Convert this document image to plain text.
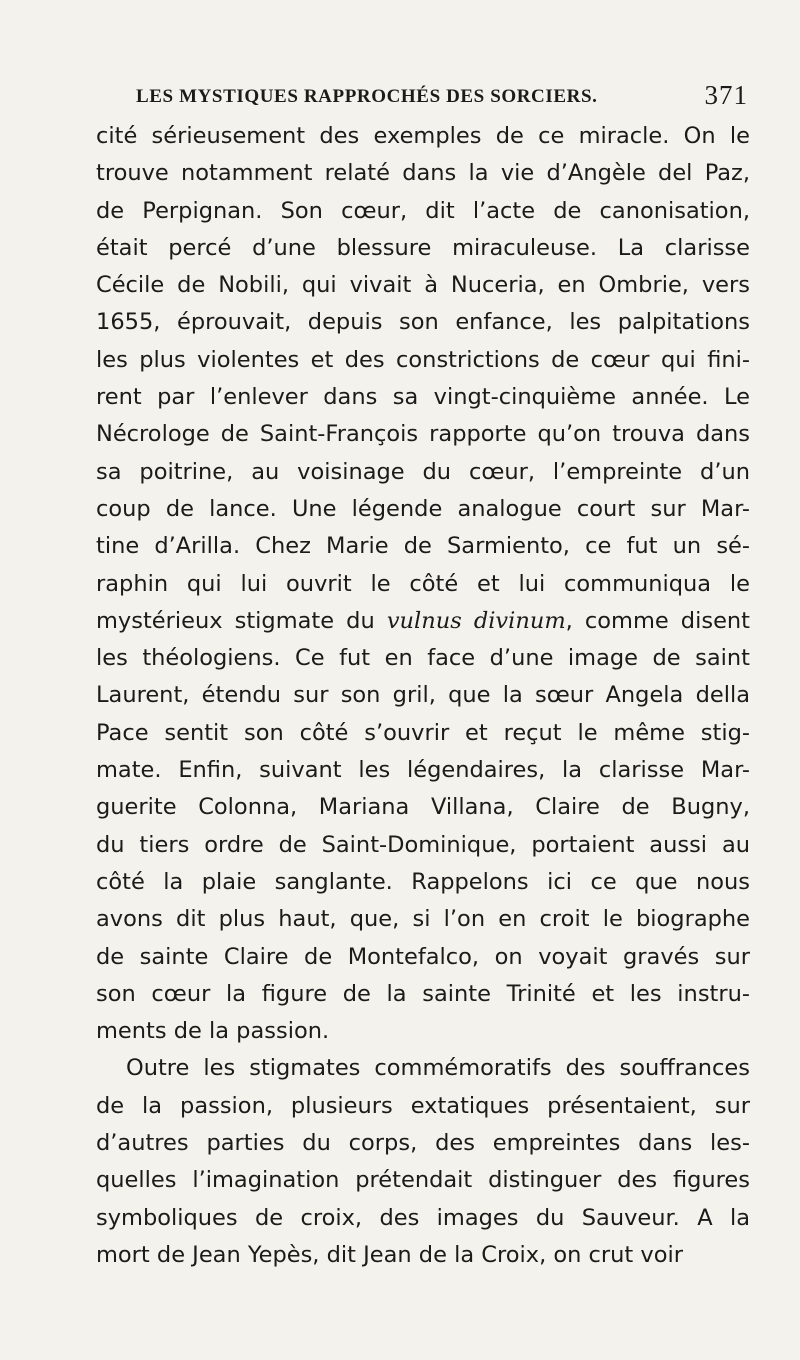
LES MYSTIQUES RAPPROCHÉS DES SORCIERS.	371
cité sérieusement des exemples de ce miracle. On le
trouve notamment relaté dans la vie d’Angèle del Paz,
de Perpignan. Son cœur, dit l’acte de canonisation,
était percé d’une blessure miraculeuse. La clarisse
Cécile de Nobili, qui vivait à Nuceria, en Ombrie, vers
1655, éprouvait, depuis son enfance, les palpitations
les plus violentes et des constrictions de cœur qui fini-
rent par l’enlever dans sa vingt-cinquième année. Le
Nécrologe de Saint-François rapporte qu’on trouva dans
sa poitrine, au voisinage du cœur, l’empreinte d’un
coup de lance. Une légende analogue court sur Mar-
tine d’Arilla. Chez Marie de Sarmiento, ce fut un sé-
raphin qui lui ouvrit le côté et lui communiqua le
mystérieux stigmate du vulnus divinum, comme disent
les théologiens. Ce fut en face d’une image de saint
Laurent, étendu sur son gril, que la sœur Angela della
Pace sentit son côté s’ouvrir et reçut le même stig-
mate. Enfin, suivant les légendaires, la clarisse Mar-
guerite Colonna, Mariana Villana, Claire de Bugny,
du tiers ordre de Saint-Dominique, portaient aussi au
côté la plaie sanglante. Rappelons ici ce que nous
avons dit plus haut, que, si l’on en croit le biographe
de sainte Claire de Montefalco, on voyait gravés sur
son cœur la figure de la sainte Trinité et les instru-
ments de la passion.
Outre les stigmates commémoratifs des souffrances
de la passion, plusieurs extatiques présentaient, sur
d’autres parties du corps, des empreintes dans les-
quelles l’imagination prétendait distinguer des figures
symboliques de croix, des images du Sauveur. A la
mort de Jean Yepès, dit Jean de la Croix, on crut voir
